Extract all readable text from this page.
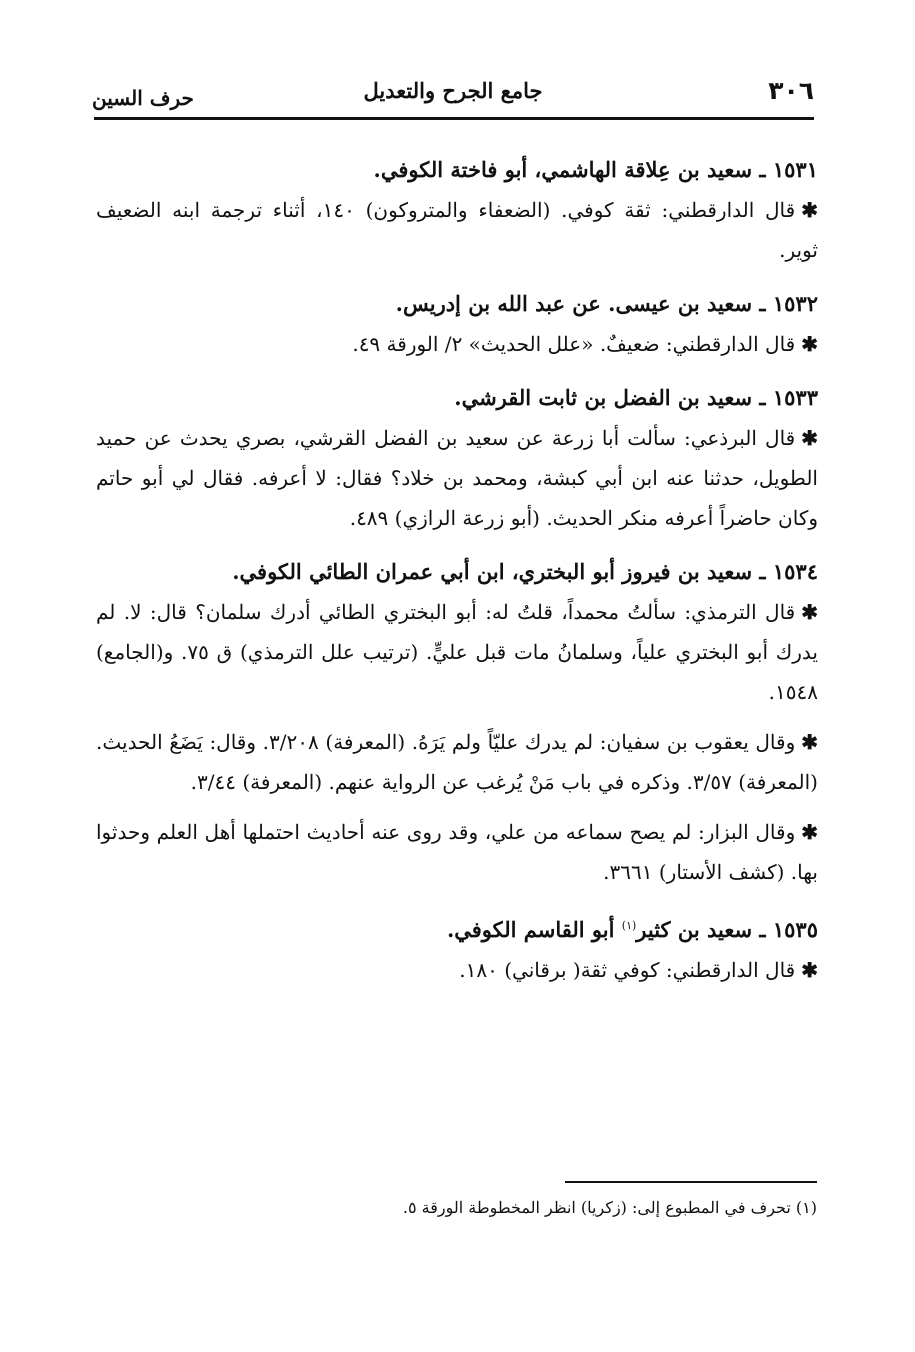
٣٠٦
جامع الجرح والتعديل
حرف السين
١٥٣١ ـ سعيد بن عِلاقة الهاشمي، أبو فاختة الكوفي.

✱قال الدارقطني: ثقة كوفي. (الضعفاء والمتروكون) ١٤٠، أثناء ترجمة ابنه الضعيف ثوير.

١٥٣٢ ـ سعيد بن عيسى. عن عبد الله بن إدريس.

✱قال الدارقطني: ضعيفٌ. «علل الحديث» ٢/ الورقة ٤٩.

١٥٣٣ ـ سعيد بن الفضل بن ثابت القرشي.

✱قال البرذعي: سألت أبا زرعة عن سعيد بن الفضل القرشي، بصري يحدث عن حميد الطويل، حدثنا عنه ابن أبي كبشة، ومحمد بن خلاد؟ فقال: لا أعرفه. فقال لي أبو حاتم وكان حاضراً أعرفه منكر الحديث. (أبو زرعة الرازي) ٤٨٩.

١٥٣٤ ـ سعيد بن فيروز أبو البختري، ابن أبي عمران الطائي الكوفي.

✱قال الترمذي: سألتُ محمداً، قلتُ له: أبو البختري الطائي أدرك سلمان؟ قال: لا. لم يدرك أبو البختري علياً، وسلمانُ مات قبل عليٍّ. (ترتيب علل الترمذي) ق ٧٥. و(الجامع) ١٥٤٨.

✱وقال يعقوب بن سفيان: لم يدرك عليّاً ولم يَرَهُ. (المعرفة) ٣/٢٠٨. وقال: يَضَعُ الحديث. (المعرفة) ٣/٥٧. وذكره في باب مَنْ يُرغب عن الرواية عنهم. (المعرفة) ٣/٤٤.

✱وقال البزار: لم يصح سماعه من علي، وقد روى عنه أحاديث احتملها أهل العلم وحدثوا بها. (كشف الأستار) ٣٦٦١.

١٥٣٥ ـ سعيد بن كثير$^{(١)}$ أبو القاسم الكوفي.

✱قال الدارقطني: كوفي ثقة( برقاني) ١٨٠.

(١) تحرف في المطبوع إلى: (زكريا) انظر المخطوطة الورقة ٥.
